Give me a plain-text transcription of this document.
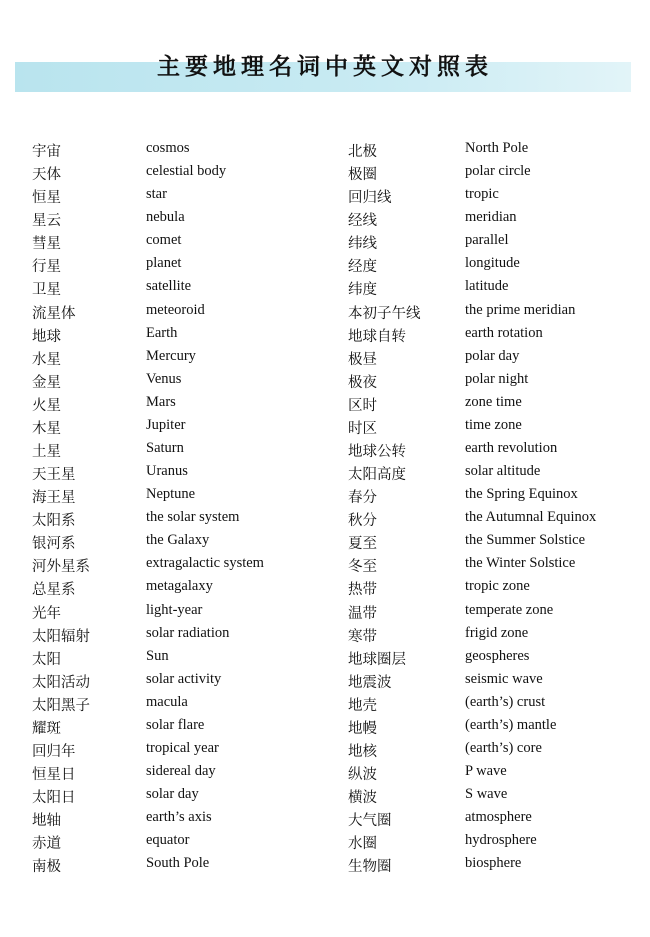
主要地理名词中英文对照表
宇宙	cosmos
天体	celestial body
恒星	star
星云	nebula
彗星	comet
行星	planet
卫星	satellite
流星体	meteoroid
地球	Earth
水星	Mercury
金星	Venus
火星	Mars
木星	Jupiter
土星	Saturn
天王星	Uranus
海王星	Neptune
太阳系	the solar system
银河系	the Galaxy
河外星系	extragalactic system
总星系	metagalaxy
光年	light-year
太阳辐射	solar radiation
太阳	Sun
太阳活动	solar activity
太阳黑子	macula
耀斑	solar flare
回归年	tropical year
恒星日	sidereal day
太阳日	solar day
地轴	earth’s axis
赤道	equator
南极	South Pole
北极	North Pole
极圈	polar circle
回归线	tropic
经线	meridian
纬线	parallel
经度	longitude
纬度	latitude
本初子午线	the prime meridian
地球自转	earth rotation
极昼	polar day
极夜	polar night
区时	zone time
时区	time zone
地球公转	earth revolution
太阳高度	solar altitude
春分	the Spring Equinox
秋分	the Autumnal Equinox
夏至	the Summer Solstice
冬至	the Winter Solstice
热带	tropic zone
温带	temperate zone
寒带	frigid zone
地球圈层	geospheres
地震波	seismic wave
地壳	(earth’s) crust
地幔	(earth’s) mantle
地核	(earth’s) core
纵波	P wave
横波	S wave
大气圈	atmosphere
水圈	hydrosphere
生物圈	biosphere
